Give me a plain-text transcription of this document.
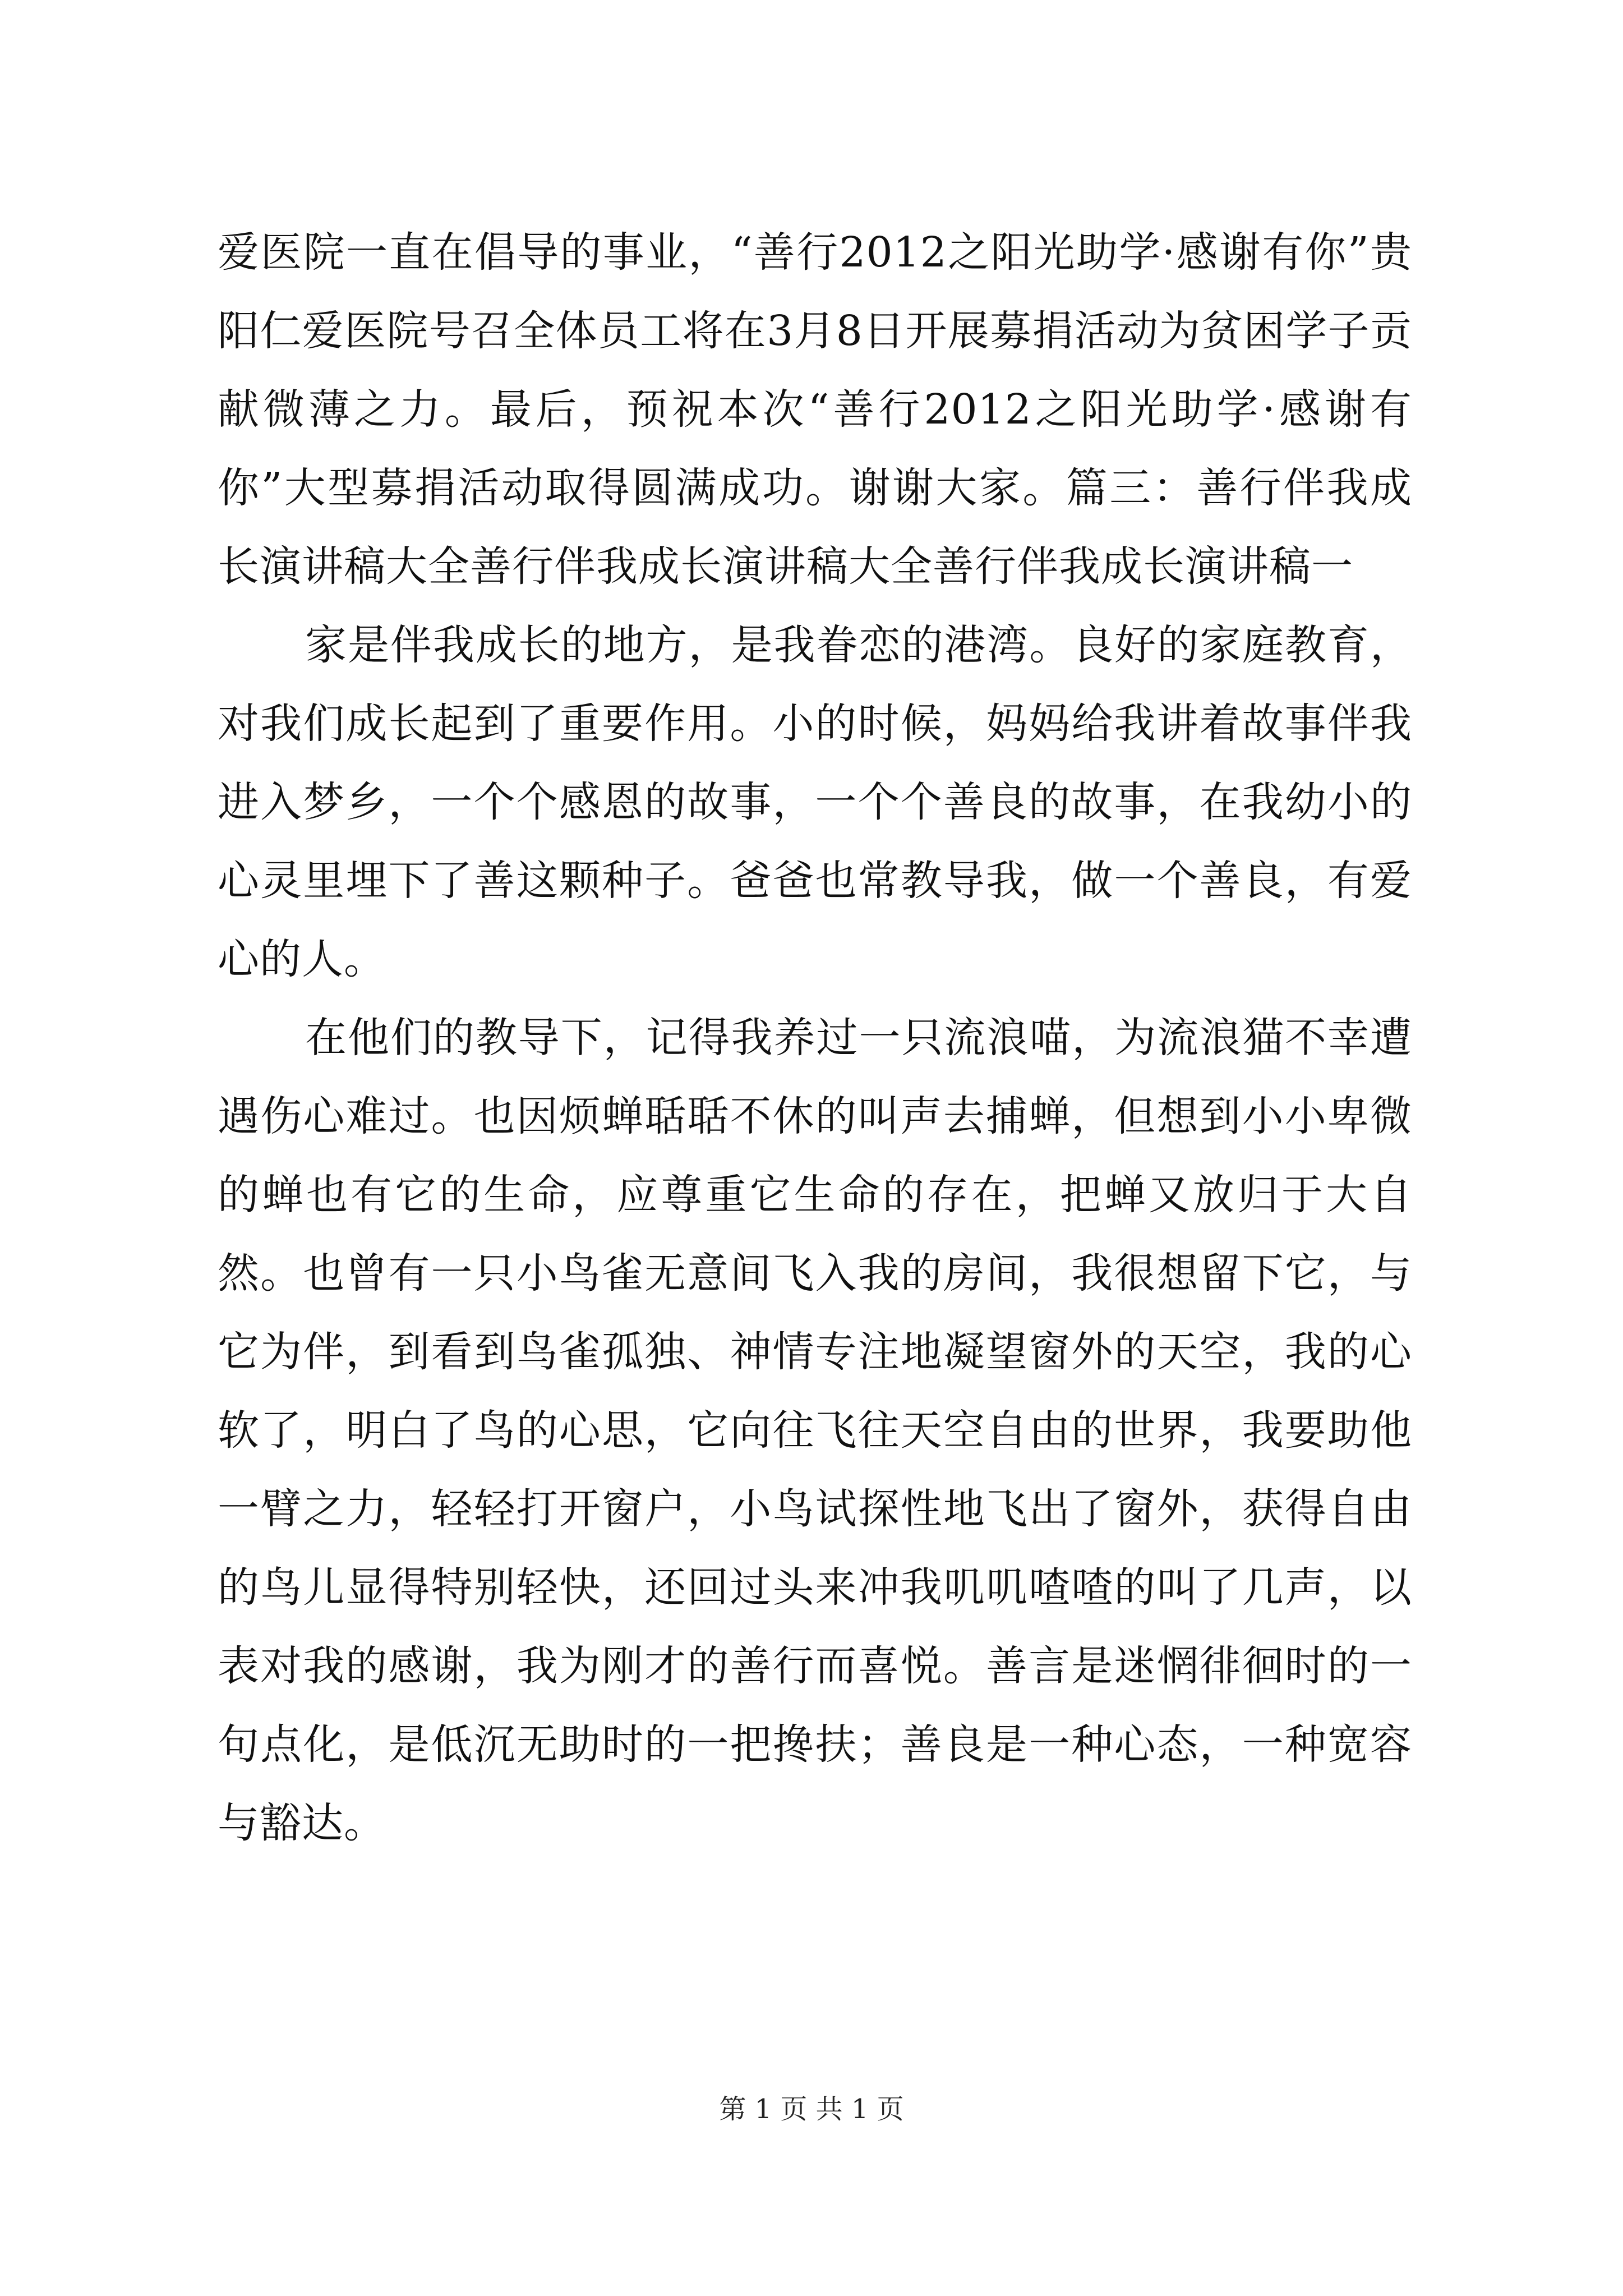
爱医院一直在倡导的事业，“善行2012之阳光助学·感谢有你”贵阳仁爱医院号召全体员工将在3月8日开展募捐活动为贫困学子贡献微薄之力。最后，预祝本次“善行2012之阳光助学·感谢有你”大型募捐活动取得圆满成功。谢谢大家。篇三：善行伴我成长演讲稿大全善行伴我成长演讲稿大全善行伴我成长演讲稿一

家是伴我成长的地方，是我眷恋的港湾。良好的家庭教育，对我们成长起到了重要作用。小的时候，妈妈给我讲着故事伴我进入梦乡，一个个感恩的故事，一个个善良的故事，在我幼小的心灵里埋下了善这颗种子。爸爸也常教导我，做一个善良，有爱心的人。

在他们的教导下，记得我养过一只流浪喵，为流浪猫不幸遭遇伤心难过。也因烦蝉聒聒不休的叫声去捕蝉，但想到小小卑微的蝉也有它的生命，应尊重它生命的存在，把蝉又放归于大自然。也曾有一只小鸟雀无意间飞入我的房间，我很想留下它，与它为伴，到看到鸟雀孤独、神情专注地凝望窗外的天空，我的心软了，明白了鸟的心思，它向往飞往天空自由的世界，我要助他一臂之力，轻轻打开窗户，小鸟试探性地飞出了窗外，获得自由的鸟儿显得特别轻快，还回过头来冲我叽叽喳喳的叫了几声，以表对我的感谢，我为刚才的善行而喜悦。善言是迷惘徘徊时的一句点化，是低沉无助时的一把搀扶；善良是一种心态，一种宽容与豁达。

第 1 页 共 1 页
